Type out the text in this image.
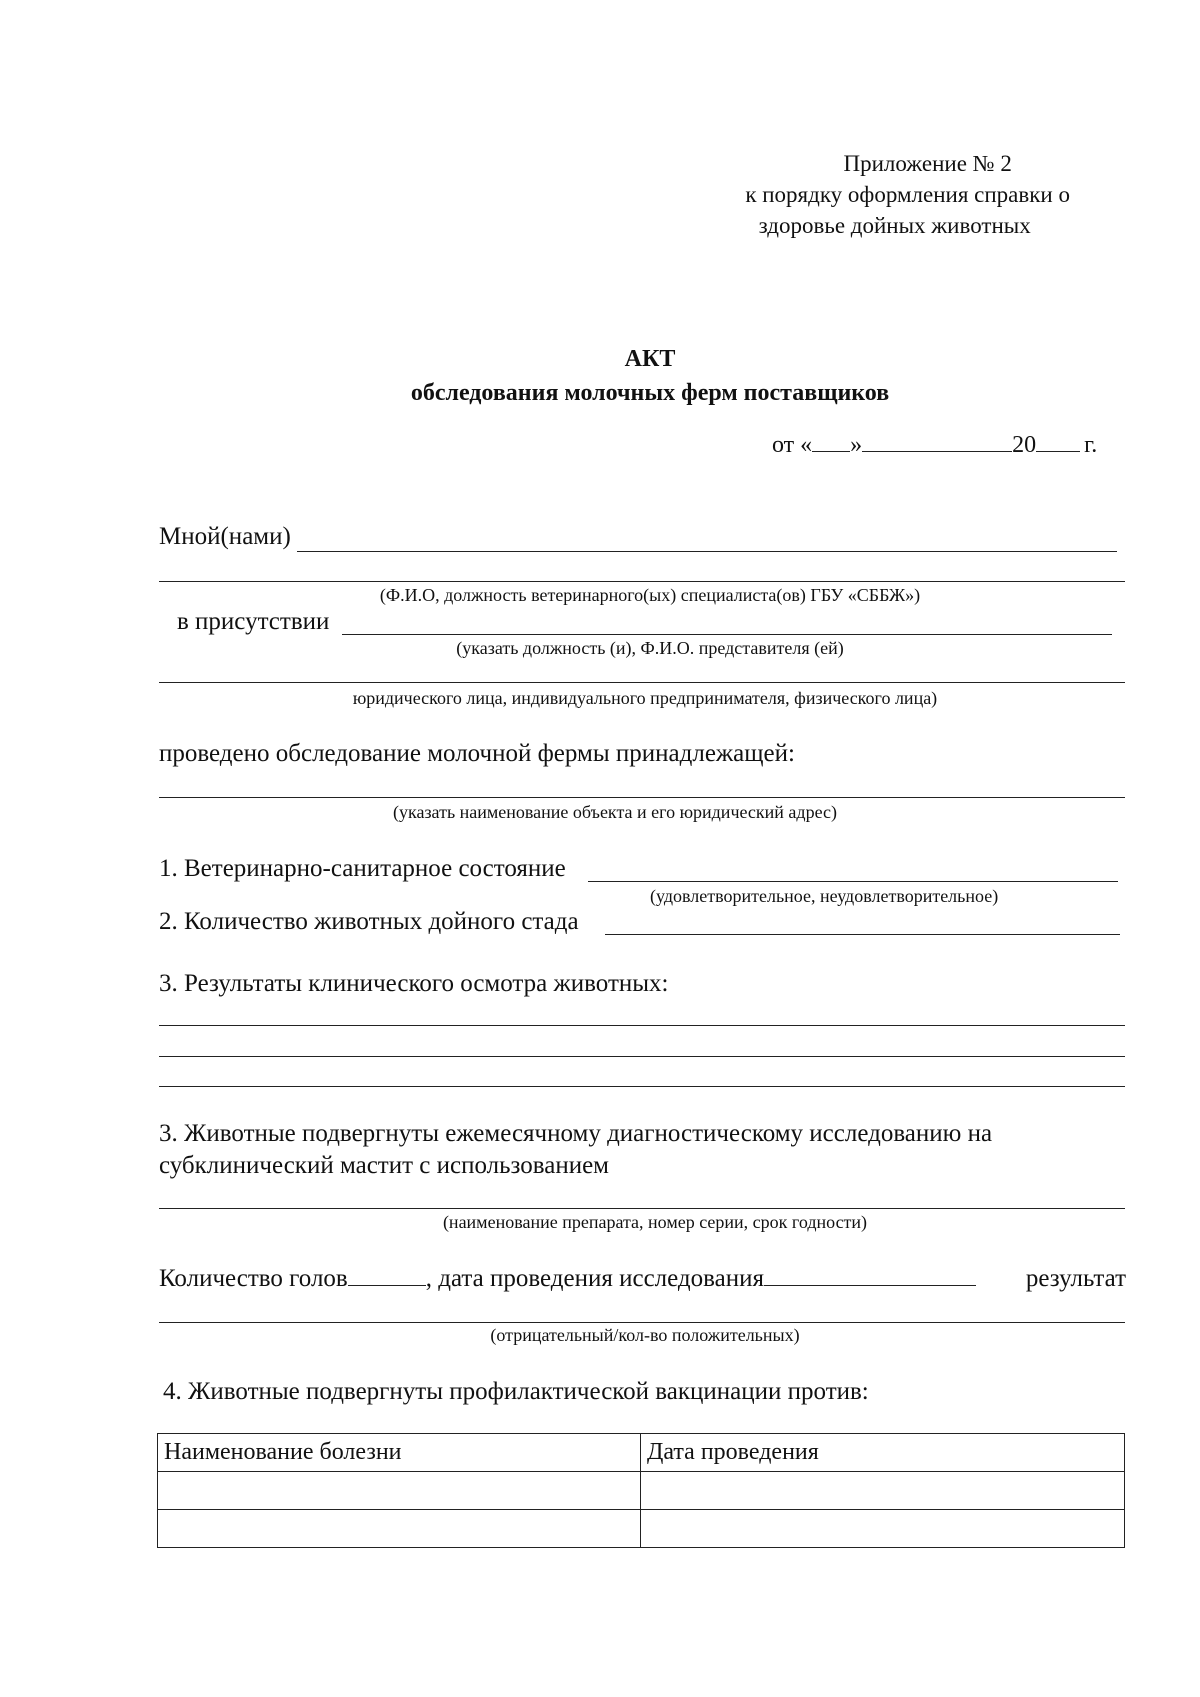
Приложение № 2
к порядку оформления справки о
здоровье дойных животных
АКТ
обследования молочных ферм поставщиков
от « »	20 г.
Мной(нами)
(Ф.И.О, должность ветеринарного(ых) специалиста(ов) ГБУ «СББЖ»)
в присутствии
(указать должность (и), Ф.И.О. представителя (ей)
юридического лица, индивидуального предпринимателя, физического лица)
проведено обследование молочной фермы принадлежащей:
(указать наименование объекта и его юридический адрес)
1. Ветеринарно-санитарное состояние
(удовлетворительное, неудовлетворительное)
2. Количество животных дойного стада
3. Результаты клинического осмотра животных:
3. Животные подвергнуты ежемесячному диагностическому исследованию на
субклинический мастит с использованием
(наименование препарата, номер серии, срок годности)
Количество голов	, дата проведения исследования	результат
(отрицательный/кол-во положительных)
4. Животные подвергнуты профилактической вакцинации против:
Наименование болезни	Дата проведения
